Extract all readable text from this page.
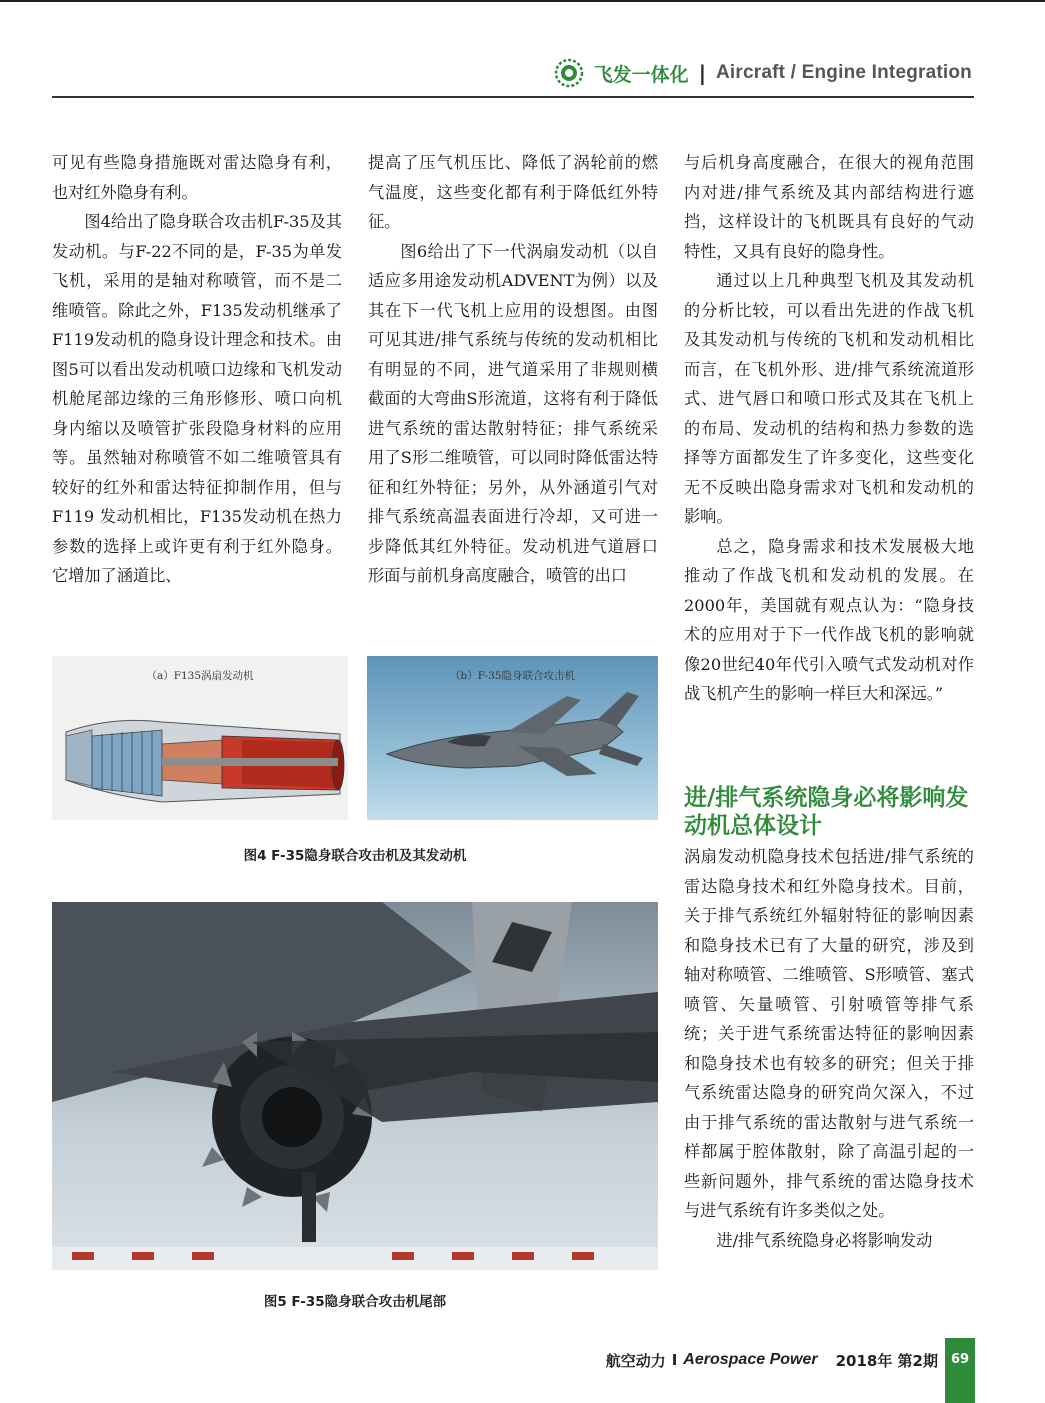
飞发一体化 | Aircraft / Engine Integration

可见有些隐身措施既对雷达隐身有利，也对红外隐身有利。

图4给出了隐身联合攻击机F-35及其发动机。与F-22不同的是，F-35为单发飞机，采用的是轴对称喷管，而不是二维喷管。除此之外，F135发动机继承了F119发动机的隐身设计理念和技术。由图5可以看出发动机喷口边缘和飞机发动机舱尾部边缘的三角形修形、喷口向机身内缩以及喷管扩张段隐身材料的应用等。虽然轴对称喷管不如二维喷管具有较好的红外和雷达特征抑制作用，但与F119 发动机相比，F135发动机在热力参数的选择上或许更有利于红外隐身。它增加了涵道比、

提高了压气机压比、降低了涡轮前的燃气温度，这些变化都有利于降低红外特征。

图6给出了下一代涡扇发动机（以自适应多用途发动机ADVENT为例）以及其在下一代飞机上应用的设想图。由图可见其进/排气系统与传统的发动机相比有明显的不同，进气道采用了非规则横截面的大弯曲S形流道，这将有利于降低进气系统的雷达散射特征；排气系统采用了S形二维喷管，可以同时降低雷达特征和红外特征；另外，从外涵道引气对排气系统高温表面进行冷却，又可进一步降低其红外特征。发动机进气道唇口形面与前机身高度融合，喷管的出口

与后机身高度融合，在很大的视角范围内对进/排气系统及其内部结构进行遮挡，这样设计的飞机既具有良好的气动特性，又具有良好的隐身性。

通过以上几种典型飞机及其发动机的分析比较，可以看出先进的作战飞机及其发动机与传统的飞机和发动机相比而言，在飞机外形、进/排气系统流道形式、进气唇口和喷口形式及其在飞机上的布局、发动机的结构和热力参数的选择等方面都发生了许多变化，这些变化无不反映出隐身需求对飞机和发动机的影响。

总之，隐身需求和技术发展极大地推动了作战飞机和发动机的发展。在2000年，美国就有观点认为：“隐身技术的应用对于下一代作战飞机的影响就像20世纪40年代引入喷气式发动机对作战飞机产生的影响一样巨大和深远。”

进/排气系统隐身必将影响发动机总体设计

涡扇发动机隐身技术包括进/排气系统的雷达隐身技术和红外隐身技术。目前，关于排气系统红外辐射特征的影响因素和隐身技术已有了大量的研究，涉及到轴对称喷管、二维喷管、S形喷管、塞式喷管、矢量喷管、引射喷管等排气系统；关于进气系统雷达特征的影响因素和隐身技术也有较多的研究；但关于排气系统雷达隐身的研究尚欠深入，不过由于排气系统的雷达散射与进气系统一样都属于腔体散射，除了高温引起的一些新问题外，排气系统的雷达隐身技术与进气系统有许多类似之处。

进/排气系统隐身必将影响发动

（a）F135涡扇发动机	（b）F-35隐身联合攻击机
图4 F-35隐身联合攻击机及其发动机
图5 F-35隐身联合攻击机尾部
航空动力 I Aerospace Power 2018年 第2期 69
